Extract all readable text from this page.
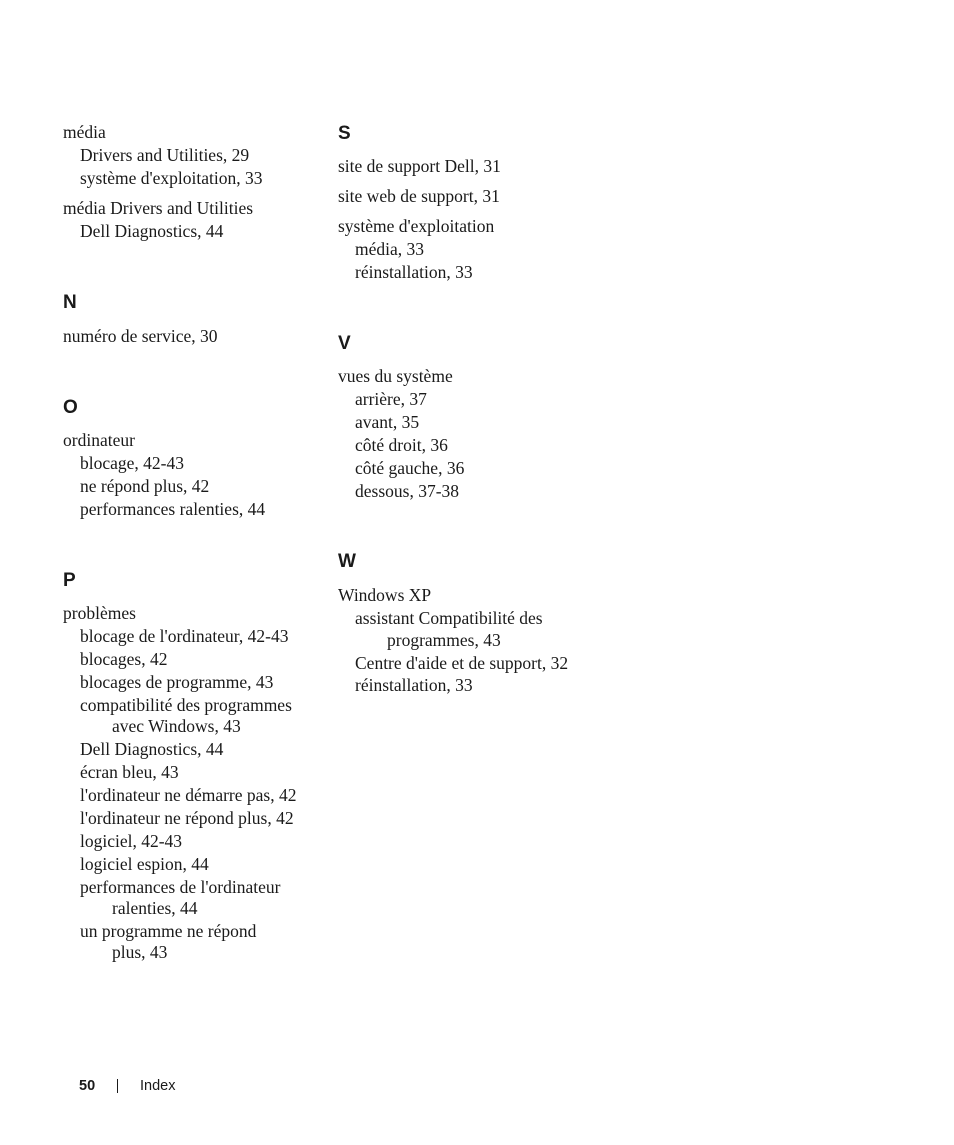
média
Drivers and Utilities, 29
système d'exploitation, 33
média Drivers and Utilities
Dell Diagnostics, 44
N
numéro de service, 30
O
ordinateur
blocage, 42-43
ne répond plus, 42
performances ralenties, 44
P
problèmes
blocage de l'ordinateur, 42-43
blocages, 42
blocages de programme, 43
compatibilité des programmes
avec Windows, 43
Dell Diagnostics, 44
écran bleu, 43
l'ordinateur ne démarre pas, 42
l'ordinateur ne répond plus, 42
logiciel, 42-43
logiciel espion, 44
performances de l'ordinateur
ralenties, 44
un programme ne répond
plus, 43
S
site de support Dell, 31
site web de support, 31
système d'exploitation
média, 33
réinstallation, 33
V
vues du système
arrière, 37
avant, 35
côté droit, 36
côté gauche, 36
dessous, 37-38
W
Windows XP
assistant Compatibilité des
programmes, 43
Centre d'aide et de support, 32
réinstallation, 33
50	Index
